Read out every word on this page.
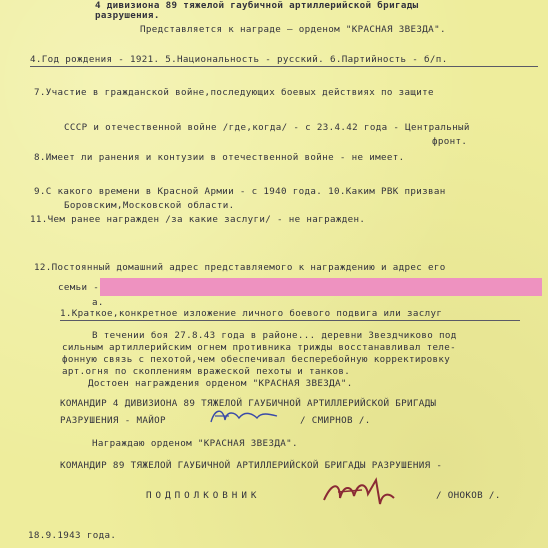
4 дивизиона 89 тяжелой гаубичной артиллерийской бригады
разрушения.
Представляется к награде — орденом "КРАСНАЯ ЗВЕЗДА".
4.Год рождения - 1921. 5.Национальность - русский. 6.Партийность - б/п.
7.Участие в гражданской войне,последующих боевых действиях по защите
СССР и отечественной войне /где,когда/ - с 23.4.42 года - Центральный
фронт.
8.Имеет ли ранения и контузии в отечественной войне - не имеет.
9.С какого времени в Красной Армии - с 1940 года. 10.Каким РВК призван
Боровским,Московской области.
11.Чем ранее награжден /за какие заслуги/ - не награжден.
12.Постоянный домашний адрес представляемого к награждению и адрес его
семьи -
а.
1.Краткое,конкретное изложение личного боевого подвига или заслуг
В течении боя 27.8.43 года в районе... деревни Звездчиково под
сильным артиллерийским огнем противника трижды восстанавливал теле-
фонную связь с пехотой,чем обеспечивал бесперебойную корректировку
арт.огня по скоплениям вражеской пехоты и танков.
Достоен награждения орденом "КРАСНАЯ ЗВЕЗДА".
КОМАНДИР 4 ДИВИЗИОНА 89 ТЯЖЕЛОЙ ГАУБИЧНОЙ АРТИЛЛЕРИЙСКОЙ БРИГАДЫ
РАЗРУШЕНИЯ - МАЙОР	/ СМИРНОВ /.
Награждаю орденом "КРАСНАЯ ЗВЕЗДА".
КОМАНДИР 89 ТЯЖЕЛОЙ ГАУБИЧНОЙ АРТИЛЛЕРИЙСКОЙ БРИГАДЫ РАЗРУШЕНИЯ -
ПОДПОЛКОВНИК	/ ОНОКОВ /.
18.9.1943 года.
